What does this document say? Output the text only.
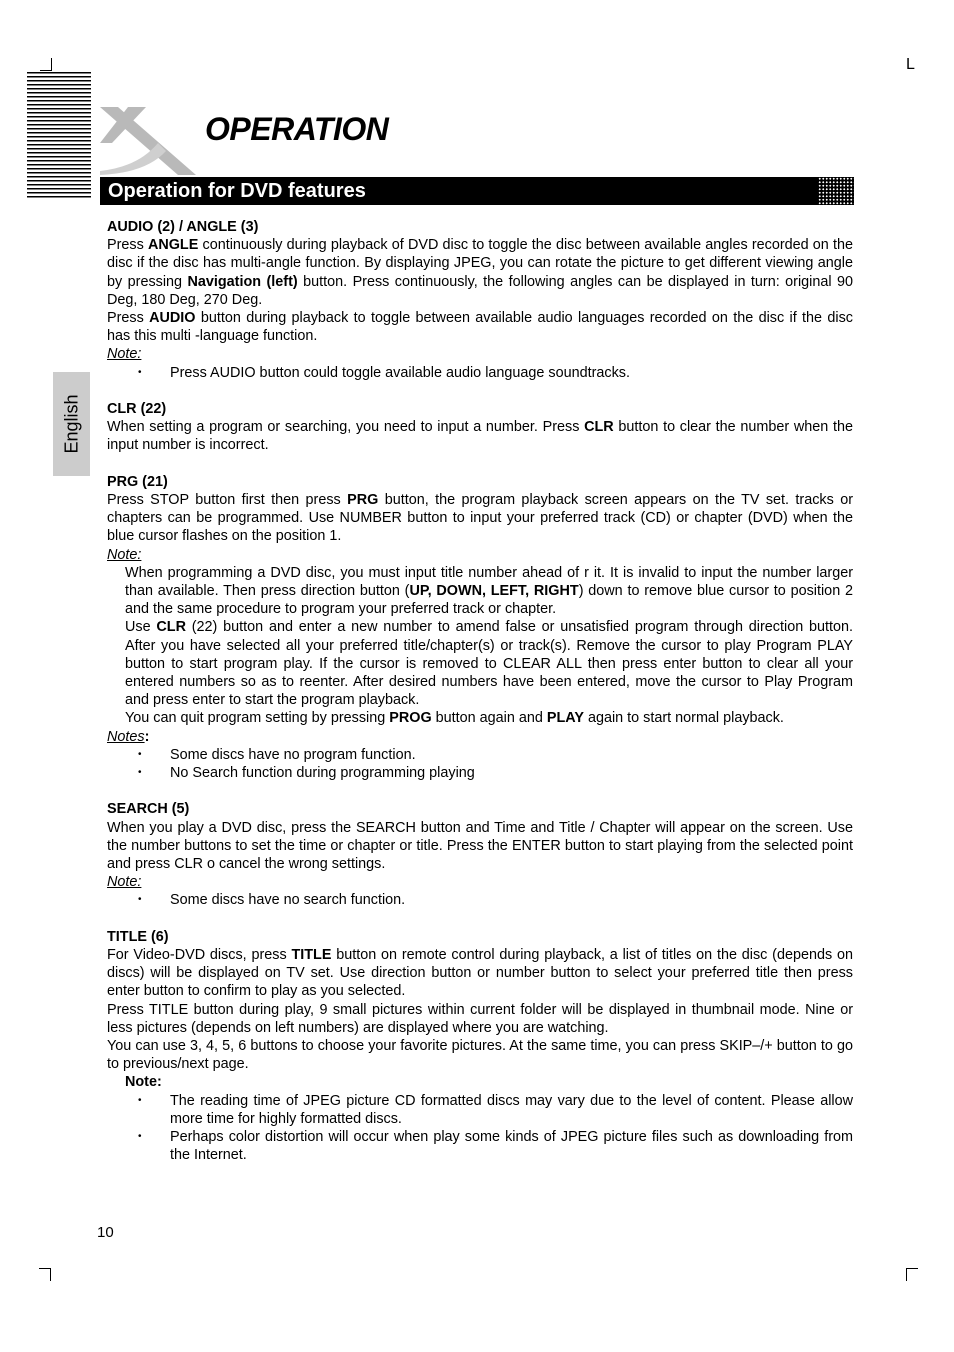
L
OPERATION
Operation for DVD features
English
AUDIO (2) / ANGLE (3)

Press ANGLE continuously during playback of DVD disc to toggle the disc between available angles recorded on the disc if the disc has multi-angle function. By displaying JPEG, you can rotate the picture to get different viewing angle by pressing Navigation (left) button. Press continuously, the following angles can be displayed in turn: original 90 Deg, 180 Deg, 270 Deg.

Press AUDIO button during playback to toggle between available audio languages recorded on the disc if the disc has this multi -language function.

Note:
• Press AUDIO button could toggle available audio language soundtracks.
CLR (22)

When setting a program or searching, you need to input a number. Press CLR button to clear the number when the input number is incorrect.

PRG (21)

Press STOP button first then press PRG button, the program playback screen appears on the TV set. tracks or chapters can be programmed. Use NUMBER button to input your preferred track (CD) or chapter (DVD) when the blue cursor flashes on the position 1.

Note:

When programming a DVD disc, you must input title number ahead of r it. It is invalid to input the number larger than available. Then press direction button (UP, DOWN, LEFT, RIGHT) down to remove blue cursor to position 2 and the same procedure to program your preferred track or chapter.

Use CLR (22) button and enter a new number to amend false or unsatisfied program through direction button. After you have selected all your preferred title/chapter(s) or track(s). Remove the cursor to play Program PLAY button to start program play. If the cursor is removed to CLEAR ALL then press enter button to clear all your entered numbers so as to reenter. After desired numbers have been entered, move the cursor to Play Program and press enter to start the program playback.

You can quit program setting by pressing PROG button again and PLAY again to start normal playback.

Notes:
• Some discs have no program function.
• No Search function during programming playing
SEARCH (5)

When you play a DVD disc, press the SEARCH button and Time and Title / Chapter will appear on the screen. Use the number buttons to set the time or chapter or title. Press the ENTER button to start playing from the selected point and press CLR o cancel the wrong settings.

Note:
• Some discs have no search function.
TITLE (6)

For Video-DVD discs, press TITLE button on remote control during playback, a list of titles on the disc (depends on discs) will be displayed on TV set. Use direction button or number button to select your preferred title then press enter button to confirm to play as you selected.

Press TITLE button during play, 9 small pictures within current folder will be displayed in thumbnail mode. Nine or less pictures (depends on left numbers) are displayed where you are watching.

You can use 3, 4, 5, 6 buttons to choose your favorite pictures. At the same time, you can press SKIP–/+ button to go to previous/next page.

Note:
• The reading time of JPEG picture CD formatted discs may vary due to the level of content. Please allow more time for highly formatted discs.
• Perhaps color distortion will occur when play some kinds of JPEG picture files such as downloading from the Internet.
10
